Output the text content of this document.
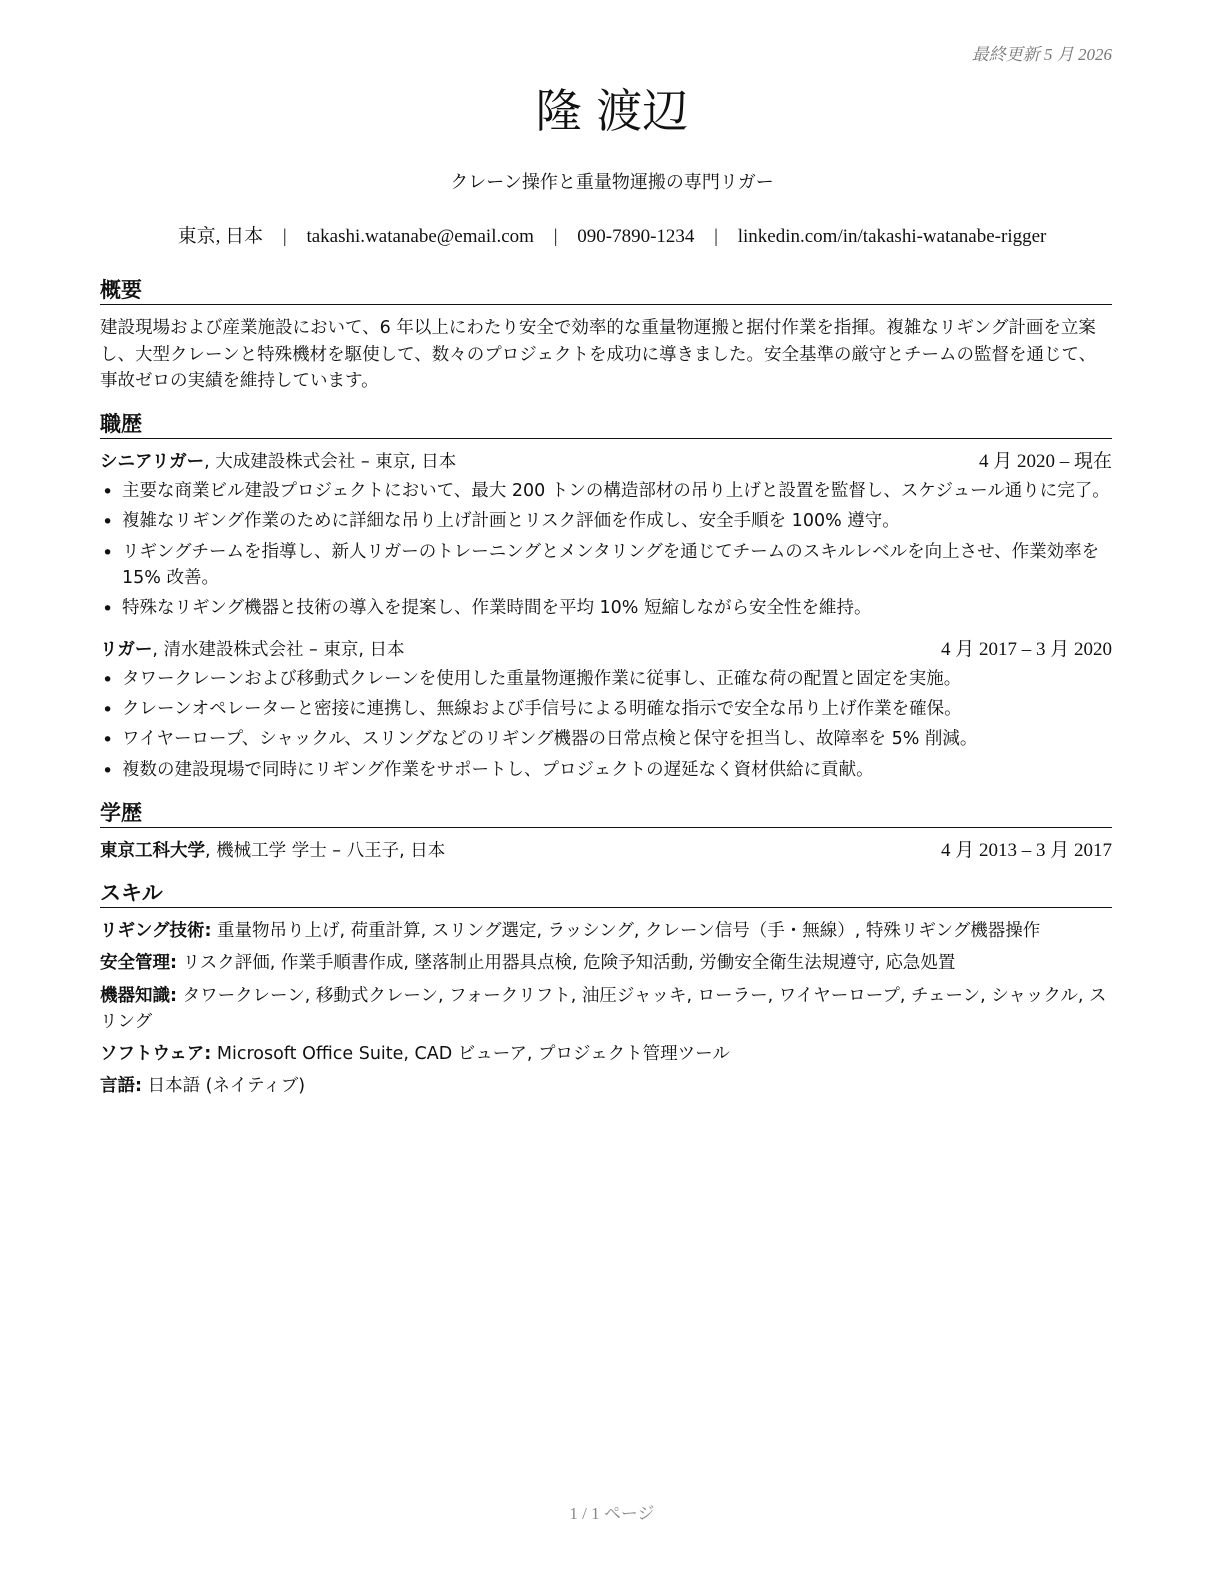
最終更新 5 月 2026
隆 渡辺
クレーン操作と重量物運搬の専門リガー
東京, 日本 | takashi.watanabe@email.com | 090-7890-1234 | linkedin.com/in/takashi-watanabe-rigger
概要

建設現場および産業施設において、6 年以上にわたり安全で効率的な重量物運搬と据付作業を指揮。複雑なリギング計画を立案し、大型クレーンと特殊機材を駆使して、数々のプロジェクトを成功に導きました。安全基準の厳守とチームの監督を通じて、事故ゼロの実績を維持しています。

職歴
シニアリガー, 大成建設株式会社 – 東京, 日本	4 月 2020 – 現在
• 主要な商業ビル建設プロジェクトにおいて、最大 200 トンの構造部材の吊り上げと設置を監督し、スケジュール通りに完了。
• 複雑なリギング作業のために詳細な吊り上げ計画とリスク評価を作成し、安全手順を 100% 遵守。
• リギングチームを指導し、新人リガーのトレーニングとメンタリングを通じてチームのスキルレベルを向上させ、作業効率を 15% 改善。
• 特殊なリギング機器と技術の導入を提案し、作業時間を平均 10% 短縮しながら安全性を維持。
リガー, 清水建設株式会社 – 東京, 日本	4 月 2017 – 3 月 2020
• タワークレーンおよび移動式クレーンを使用した重量物運搬作業に従事し、正確な荷の配置と固定を実施。
• クレーンオペレーターと密接に連携し、無線および手信号による明確な指示で安全な吊り上げ作業を確保。
• ワイヤーロープ、シャックル、スリングなどのリギング機器の日常点検と保守を担当し、故障率を 5% 削減。
• 複数の建設現場で同時にリギング作業をサポートし、プロジェクトの遅延なく資材供給に貢献。
学歴
東京工科大学, 機械工学 学士 – 八王子, 日本	4 月 2013 – 3 月 2017
スキル

リギング技術: 重量物吊り上げ, 荷重計算, スリング選定, ラッシング, クレーン信号（手・無線）, 特殊リギング機器操作

安全管理: リスク評価, 作業手順書作成, 墜落制止用器具点検, 危険予知活動, 労働安全衛生法規遵守, 応急処置

機器知識: タワークレーン, 移動式クレーン, フォークリフト, 油圧ジャッキ, ローラー, ワイヤーロープ, チェーン, シャックル, スリング

ソフトウェア: Microsoft Office Suite, CAD ビューア, プロジェクト管理ツール

言語: 日本語 (ネイティブ)

1 / 1 ページ
